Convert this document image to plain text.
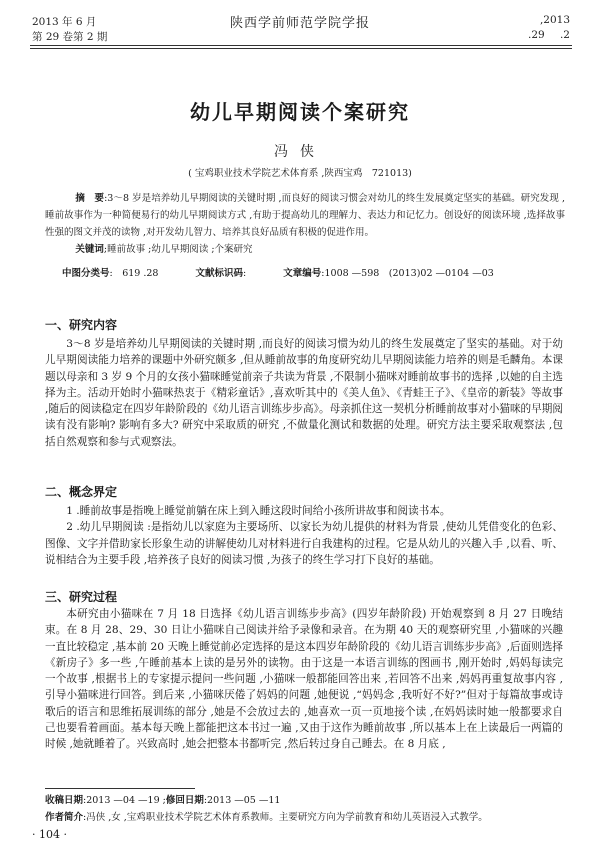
2013 年 6 月
第 29 卷第 2 期
陕西学前师范学院学报	,2013
.29 .2
幼儿早期阅读个案研究
冯侠
( 宝鸡职业技术学院艺术体育系 ,陕西宝鸡　721013)

摘　要:3～8 岁是培养幼儿早期阅读的关键时期 ,而良好的阅读习惯会对幼儿的终生发展奠定坚实的基础。研究发现 ,睡前故事作为一种简便易行的幼儿早期阅读方式 ,有助于提高幼儿的理解力、表达力和记忆力。创设好的阅读环境 ,选择故事性强的图文并茂的读物 ,对开发幼儿智力、培养其良好品质有积极的促进作用。

关键词;睡前故事 ;幼儿早期阅读 ;个案研究

中图分类号:　619 .28	文献标识码:	文章编号:1008 —598　(2013)02 —0104 —03
一、研究内容

3～8 岁是培养幼儿早期阅读的关键时期 ,而良好的阅读习惯为幼儿的终生发展奠定了坚实的基础。对于幼儿早期阅读能力培养的课题中外研究颇多 ,但从睡前故事的角度研究幼儿早期阅读能力培养的则是毛麟角。本课题以母亲和 3 岁 9 个月的女孩小猫咪睡觉前亲子共读为背景 ,不限制小猫咪对睡前故事书的选择 ,以她的自主选择为主。活动开始时小猫咪热衷于《精彩童话》,喜欢听其中的《美人鱼》、《青蛙王子》、《皇帝的新装》等故事 ,随后的阅读稳定在四岁年龄阶段的《幼儿语言训练步步高》。母亲抓住这一契机分析睡前故事对小猫咪的早期阅读有没有影响? 影响有多大? 研究中采取质的研究 ,不做量化测试和数据的处理。研究方法主要采取观察法 ,包括自然观察和参与式观察法。

二、概念界定

1 .睡前故事是指晚上睡觉前躺在床上到入睡这段时间给小孩所讲故事和阅读书本。

2 .幼儿早期阅读 :是指幼儿以家庭为主要场所、以家长为幼儿提供的材料为背景 ,使幼儿凭借变化的色彩、图像、文字并借助家长形象生动的讲解使幼儿对材料进行自我建构的过程。它是从幼儿的兴趣入手 ,以看、听、说相结合为主要手段 ,培养孩子良好的阅读习惯 ,为孩子的终生学习打下良好的基础。

三、研究过程

本研究由小猫咪在 7 月 18 日选择《幼儿语言训练步步高》(四岁年龄阶段) 开始观察到 8 月 27 日晚结束。在 8 月 28、29、30 日让小猫咪自己阅读并给予录像和录音。在为期 40 天的观察研究里 ,小猫咪的兴趣一直比较稳定 ,基本前 20 天晚上睡觉前必定选择的是这本四岁年龄阶段的《幼儿语言训练步步高》,后面则选择《新房子》多一些 ,午睡前基本上读的是另外的读物。由于这是一本语言训练的图画书 ,刚开始时 ,妈妈每读完一个故事 ,根据书上的专家提示提问一些问题 ,小猫咪一般都能回答出来 ,若回答不出来 ,妈妈再重复故事内容 ,引导小猫咪进行回答。到后来 ,小猫咪厌倦了妈妈的问题 ,她便说 ,“妈妈念 ,我听好不好?”但对于每篇故事或诗歌后的语言和思维拓展训练的部分 ,她是不会放过去的 ,她喜欢一页一页地接个读 ,在妈妈读时她一般都要求自己也要看着画面。基本每天晚上都能把这本书过一遍 ,又由于这作为睡前故事 ,所以基本上在上读最后一两篇的时候 ,她就睡着了。兴致高时 ,她会把整本书都听完 ,然后转过身自己睡去。在 8 月底 ,

收稿日期:2013 —04 —19 ;修回日期:2013 —05 —11

作者简介:冯侠 ,女 ,宝鸡职业技术学院艺术体育系教师。主要研究方向为学前教育和幼儿英语浸入式教学。

· 104 ·
